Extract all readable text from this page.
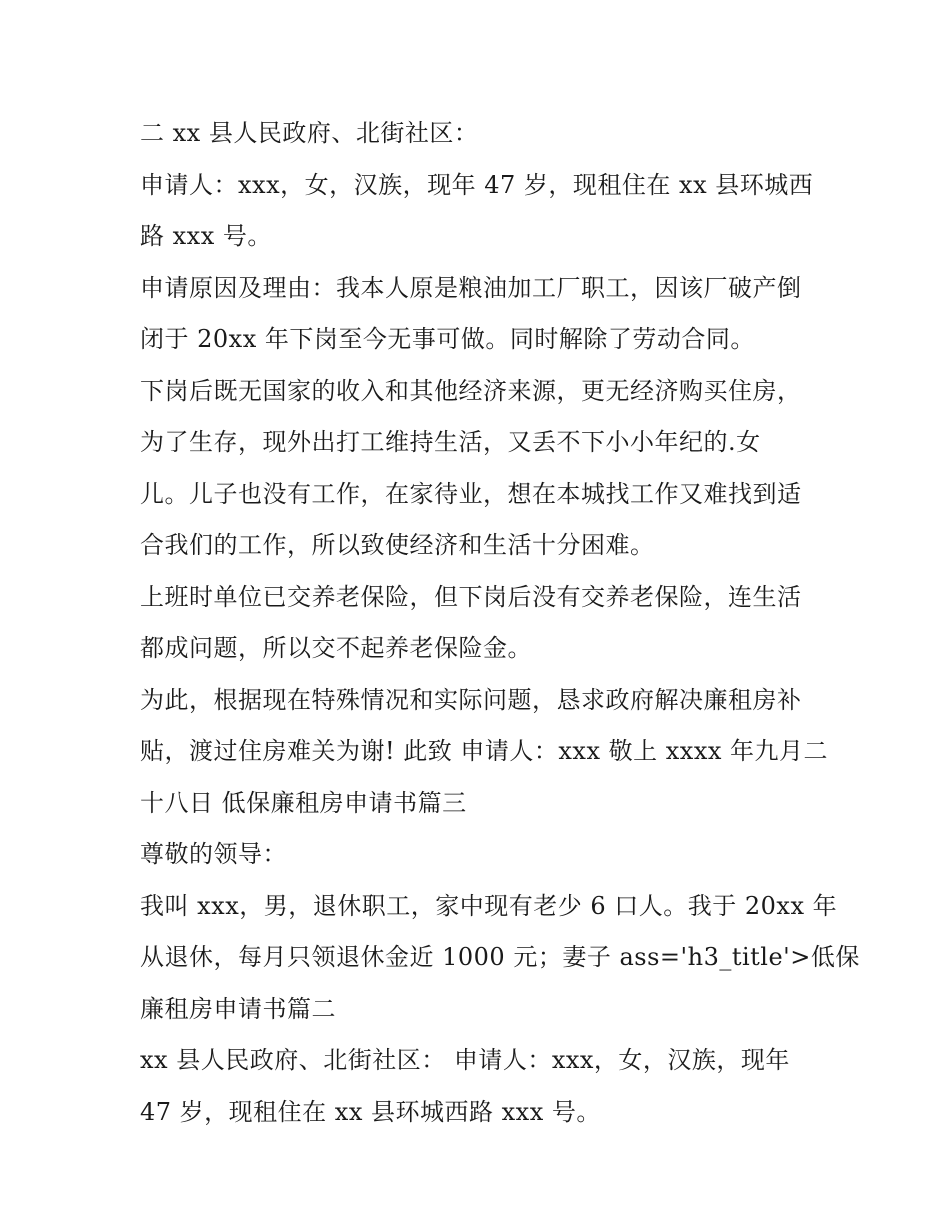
二 xx 县人民政府、北街社区：
申请人：xxx，女，汉族，现年 47 岁，现租住在 xx 县环城西
路 xxx 号。
申请原因及理由：我本人原是粮油加工厂职工，因该厂破产倒
闭于 20xx 年下岗至今无事可做。同时解除了劳动合同。
下岗后既无国家的收入和其他经济来源，更无经济购买住房，
为了生存，现外出打工维持生活，又丢不下小小年纪的.女
儿。儿子也没有工作，在家待业，想在本城找工作又难找到适
合我们的工作，所以致使经济和生活十分困难。
上班时单位已交养老保险，但下岗后没有交养老保险，连生活
都成问题，所以交不起养老保险金。
为此，根据现在特殊情况和实际问题，恳求政府解决廉租房补
贴，渡过住房难关为谢! 此致 申请人：xxx 敬上 xxxx 年九月二
十八日 低保廉租房申请书篇三
尊敬的领导：
我叫 xxx，男，退休职工，家中现有老少 6 口人。我于 20xx 年
从退休，每月只领退休金近 1000 元；妻子 ass='h3_title'>低保
廉租房申请书篇二
xx 县人民政府、北街社区： 申请人：xxx，女，汉族，现年
47 岁，现租住在 xx 县环城西路 xxx 号。
